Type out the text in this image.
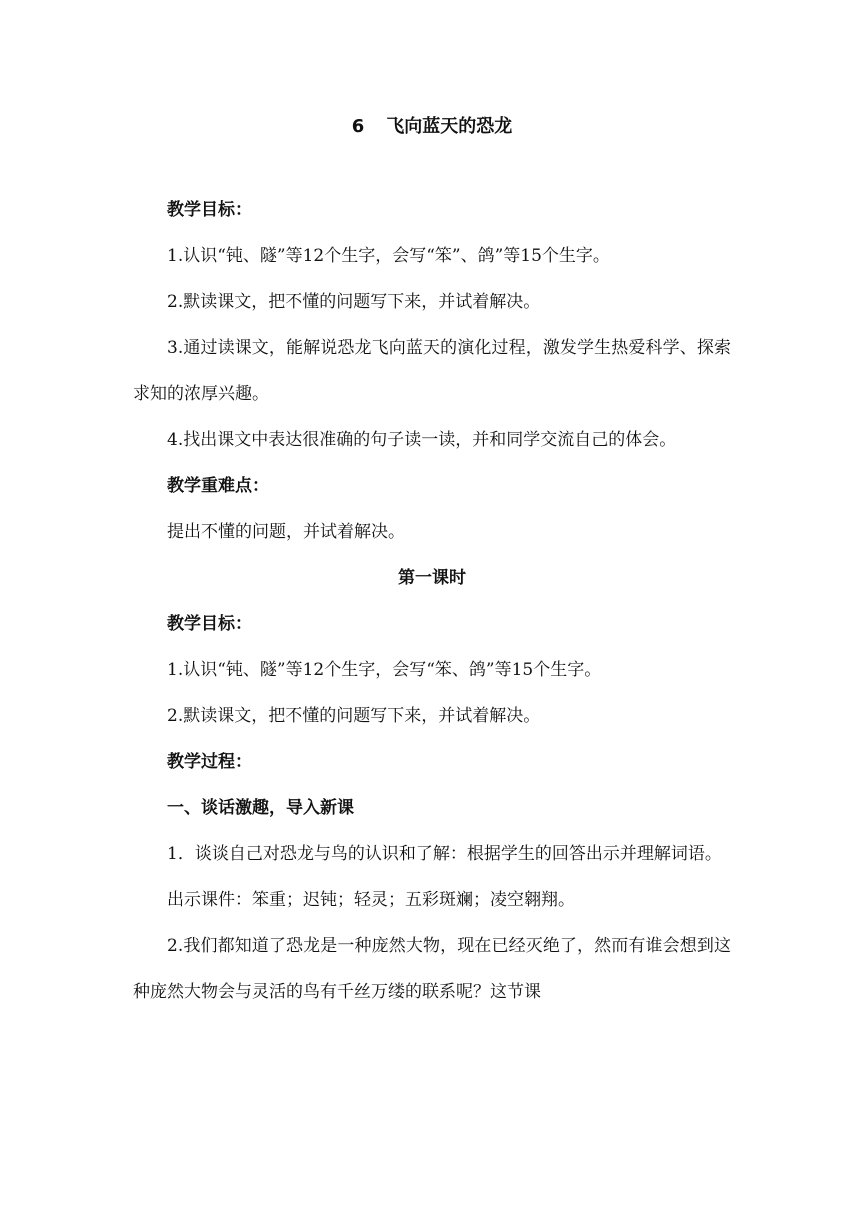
6 飞向蓝天的恐龙
教学目标：
1.认识“钝、隧”等12个生字，会写“笨”、鸽”等15个生字。
2.默读课文，把不懂的问题写下来，并试着解决。
3.通过读课文，能解说恐龙飞向蓝天的演化过程，激发学生热爱科学、探索求知的浓厚兴趣。
4.找出课文中表达很准确的句子读一读，并和同学交流自己的体会。
教学重难点：
提出不懂的问题，并试着解决。
第一课时
教学目标：
1.认识“钝、隧”等12个生字，会写“笨、鸽”等15个生字。
2.默读课文，把不懂的问题写下来，并试着解决。
教学过程：
一、谈话激趣，导入新课
1．谈谈自己对恐龙与鸟的认识和了解：根据学生的回答出示并理解词语。
出示课件：笨重；迟钝；轻灵；五彩斑斓；凌空翱翔。
2.我们都知道了恐龙是一种庞然大物，现在已经灭绝了，然而有谁会想到这种庞然大物会与灵活的鸟有千丝万缕的联系呢？这节课
